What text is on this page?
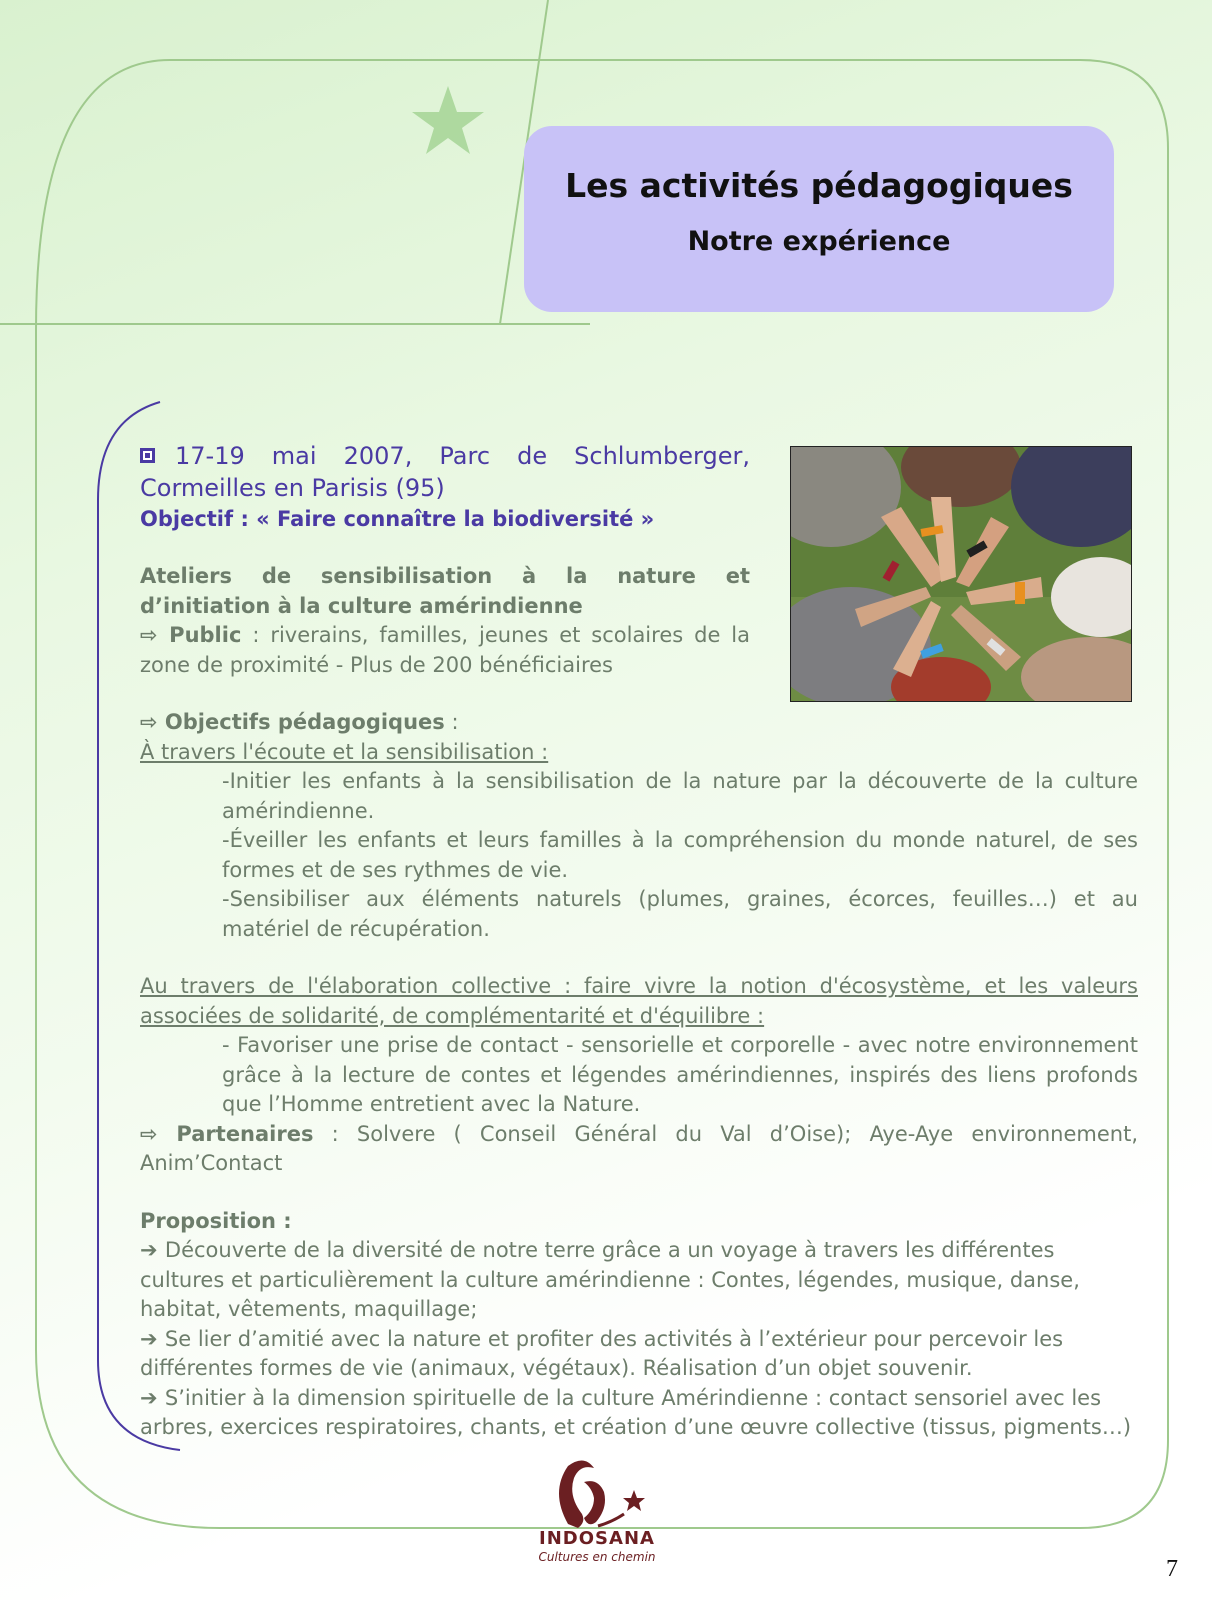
Les activités pédagogiques
Notre expérience
17-19 mai 2007, Parc de Schlumberger, Cormeilles en Parisis (95)
Objectif : « Faire connaître la biodiversité »
Ateliers de sensibilisation à la nature et d’initiation à la culture amérindienne
⇨ Public : riverains, familles, jeunes et scolaires de la zone de proximité - Plus de 200 bénéficiaires
⇨ Objectifs pédagogiques :
À travers l'écoute et la sensibilisation :
-Initier les enfants à la sensibilisation de la nature par la découverte de la culture amérindienne.
-Éveiller les enfants et leurs familles à la compréhension du monde naturel, de ses formes et de ses rythmes de vie.
-Sensibiliser aux éléments naturels (plumes, graines, écorces, feuilles…) et au matériel de récupération.
Au travers de l'élaboration collective : faire vivre la notion d'écosystème, et les valeurs associées de solidarité, de complémentarité et d'équilibre :
- Favoriser une prise de contact - sensorielle et corporelle - avec notre environnement grâce à la lecture de contes et légendes amérindiennes, inspirés des liens profonds que l’Homme entretient avec la Nature.
⇨ Partenaires : Solvere ( Conseil Général du Val d’Oise); Aye-Aye environnement, Anim’Contact
Proposition :
➔ Découverte de la diversité de notre terre grâce a un voyage à travers les différentes cultures et particulièrement la culture amérindienne : Contes, légendes, musique, danse, habitat, vêtements, maquillage;
➔ Se lier d’amitié avec la nature et profiter des activités à l’extérieur pour percevoir les différentes formes de vie (animaux, végétaux). Réalisation d’un objet souvenir.
➔ S’initier à la dimension spirituelle de la culture Amérindienne : contact sensoriel avec les arbres, exercices respiratoires, chants, et création d’une œuvre collective (tissus, pigments…)
INDOSANA
Cultures en chemin	7
